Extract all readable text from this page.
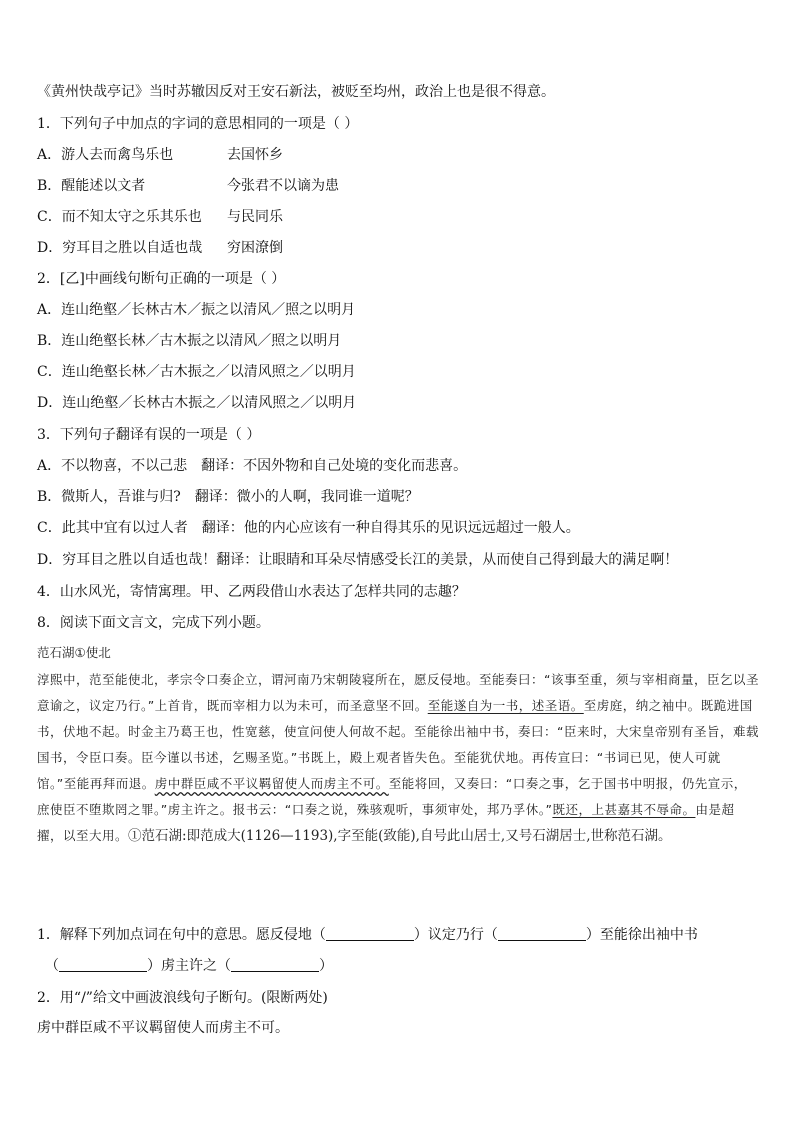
《黄州快哉亭记》当时苏辙因反对王安石新法，被贬至均州，政治上也是很不得意。
1．下列句子中加点的字词的意思相同的一项是（ ）
A．游人去而禽鸟乐也	去国怀乡
B．醒能述以文者	今张君不以谪为患
C．而不知太守之乐其乐也 与民同乐
D．穷耳目之胜以自适也哉 穷困潦倒
2．[乙]中画线句断句正确的一项是（ ）
A．连山绝壑／长林古木／振之以清风／照之以明月
B．连山绝壑长林／古木振之以清风／照之以明月
C．连山绝壑长林／古木振之／以清风照之／以明月
D．连山绝壑／长林古木振之／以清风照之／以明月
3．下列句子翻译有误的一项是（ ）
A．不以物喜，不以己悲 翻译：不因外物和自己处境的变化而悲喜。
B．微斯人，吾谁与归? 翻译：微小的人啊，我同谁一道呢？
C．此其中宜有以过人者 翻译：他的内心应该有一种自得其乐的见识远远超过一般人。
D．穷耳目之胜以自适也哉！翻译：让眼睛和耳朵尽情感受长江的美景，从而使自己得到最大的满足啊！
4．山水风光，寄情寓理。甲、乙两段借山水表达了怎样共同的志趣？
8．阅读下面文言文，完成下列小题。
范石湖①使北

淳熙中，范至能使北，孝宗令口奏企立，谓河南乃宋朝陵寝所在，愿反侵地。至能奏曰：“该事至重，须与宰相商量，臣乞以圣意谕之，议定乃行。”上首肯，既而宰相力以为未可，而圣意坚不回。至能遂自为一书，述圣语。至虏庭，纳之袖中。既跪进国书，伏地不起。时金主乃葛王也，性宽慈，使宣问使人何故不起。至能徐出袖中书，奏曰：“臣来时，大宋皇帝别有圣旨，难载国书，令臣口奏。臣今谨以书述，乞赐圣览。”书既上，殿上观者皆失色。至能犹伏地。再传宣曰：“书词已见，使人可就馆。”至能再拜而退。虏中群臣咸不平议羁留使人而虏主不可。至能将回，又奏曰：“口奏之事，乞于国书中明报，仍先宣示，庶使臣不堕欺罔之罪。”虏主许之。报书云：“口奏之说，殊骇观听，事须审处，邦乃孚休。”既还，上甚嘉其不辱命。由是超擢，以至大用。①范石湖:即范成大(1126—1193),字至能(致能),自号此山居士,又号石湖居士,世称范石湖。

1．解释下列加点词在句中的意思。愿反侵地（	）议定乃行（	）至能徐出袖中书
（	）虏主许之（	）
2．用“/”给文中画波浪线句子断句。(限断两处)
虏中群臣咸不平议羁留使人而虏主不可。
